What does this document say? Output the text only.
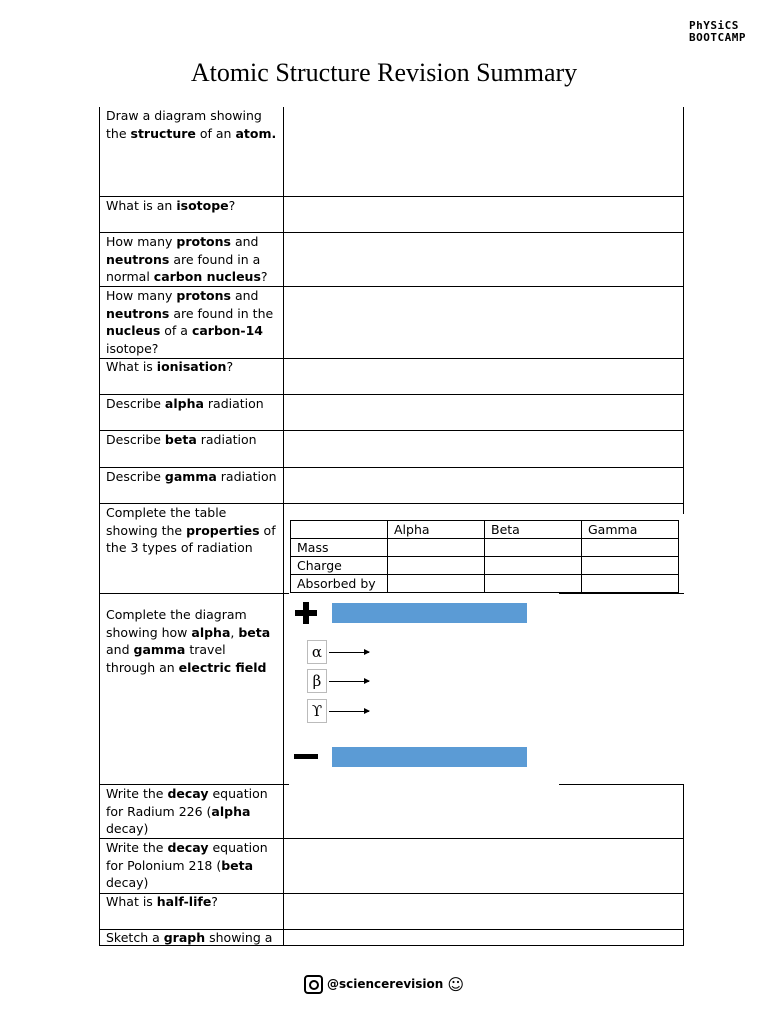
PhYSiCS
BOOTCAMP
Atomic Structure Revision Summary
Draw a diagram showing the structure of an atom.
What is an isotope?
How many protons and neutrons are found in a normal carbon nucleus?
How many protons and neutrons are found in the nucleus of a carbon-14 isotope?
What is ionisation?
Describe alpha radiation
Describe beta radiation
Describe gamma radiation
Complete the table showing the properties of the 3 types of radiation
Complete the diagram showing how alpha, beta and gamma travel through an electric field
Write the decay equation for Radium 226 (alpha decay)
Write the decay equation for Polonium 218 (beta decay)
What is half-life?
Sketch a graph showing a
	Alpha	Beta	Gamma
Mass			
Charge			
Absorbed by			
α
β
ϒ
@sciencerevision ☺
